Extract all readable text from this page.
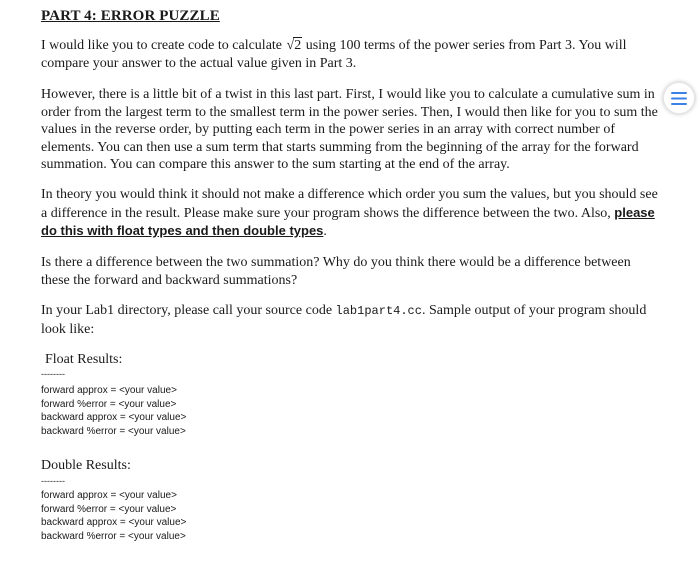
PART 4: ERROR PUZZLE

I would like you to create code to calculate √2 using 100 terms of the power series from Part 3. You will compare your answer to the actual value given in Part 3.

However, there is a little bit of a twist in this last part. First, I would like you to calculate a cumulative sum in order from the largest term to the smallest term in the power series. Then, I would then like for you to sum the values in the reverse order, by putting each term in the power series in an array with correct number of elements. You can then use a sum term that starts summing from the beginning of the array for the forward summation. You can compare this answer to the sum starting at the end of the array.

In theory you would think it should not make a difference which order you sum the values, but you should see a difference in the result. Please make sure your program shows the difference between the two. Also, please do this with float types and then double types.

Is there a difference between the two summation? Why do you think there would be a difference between these the forward and backward summations?

In your Lab1 directory, please call your source code lab1part4.cc. Sample output of your program should look like:

Float Results:
--------
forward approx = <your value>
forward %error = <your value>
backward approx = <your value>
backward %error = <your value>
Double Results:
--------
forward approx = <your value>
forward %error = <your value>
backward approx = <your value>
backward %error = <your value>
